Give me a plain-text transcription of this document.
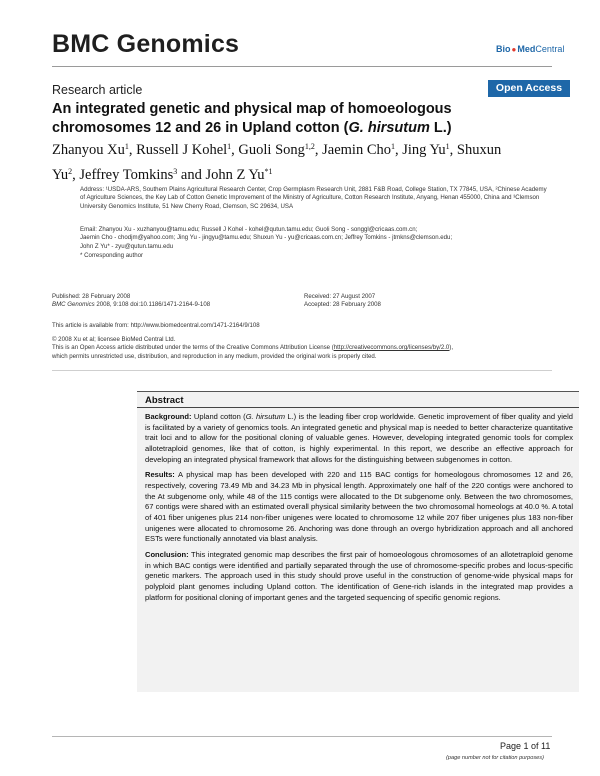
BMC Genomics	Bio●MedCentral
Research article	Open Access
An integrated genetic and physical map of homoeologous chromosomes 12 and 26 in Upland cotton (G. hirsutum L.)
Zhanyou Xu$^1$, Russell J Kohel$^1$, Guoli Song$^{1,2}$, Jaemin Cho$^1$, Jing Yu$^1$, Shuxun Yu$^2$, Jeffrey Tomkins$^3$ and John Z Yu$^{*1}$
Address: ¹USDA-ARS, Southern Plains Agricultural Research Center, Crop Germplasm Research Unit, 2881 F&B Road, College Station, TX 77845, USA, ²Chinese Academy of Agriculture Sciences, the Key Lab of Cotton Genetic Improvement of the Ministry of Agriculture, Cotton Research Institute, Anyang, Henan 455000, China and ³Clemson University Genomics Institute, 51 New Cherry Road, Clemson, SC 29634, USA
Email: Zhanyou Xu - xuzhanyou@tamu.edu; Russell J Kohel - kohel@qutun.tamu.edu; Guoli Song - songgl@cricaas.com.cn;
Jaemin Cho - chodjm@yahoo.com; Jing Yu - jingyu@tamu.edu; Shuxun Yu - yu@cricaas.com.cn; Jeffrey Tomkins - jtmkns@clemson.edu;
John Z Yu* - zyu@qutun.tamu.edu
* Corresponding author
Published: 28 February 2008
BMC Genomics 2008, 9:108 doi:10.1186/1471-2164-9-108
Received: 27 August 2007
Accepted: 28 February 2008
This article is available from: http://www.biomedcentral.com/1471-2164/9/108
© 2008 Xu et al; licensee BioMed Central Ltd.
This is an Open Access article distributed under the terms of the Creative Commons Attribution License (http://creativecommons.org/licenses/by/2.0),
which permits unrestricted use, distribution, and reproduction in any medium, provided the original work is properly cited.
Abstract

Background: Upland cotton (G. hirsutum L.) is the leading fiber crop worldwide. Genetic improvement of fiber quality and yield is facilitated by a variety of genomics tools. An integrated genetic and physical map is needed to better characterize quantitative trait loci and to allow for the positional cloning of valuable genes. However, developing integrated genomic tools for complex allotetraploid genomes, like that of cotton, is highly experimental. In this report, we describe an effective approach for developing an integrated physical framework that allows for the distinguishing between subgenomes in cotton.

Results: A physical map has been developed with 220 and 115 BAC contigs for homeologous chromosomes 12 and 26, respectively, covering 73.49 Mb and 34.23 Mb in physical length. Approximately one half of the 220 contigs were anchored to the At subgenome only, while 48 of the 115 contigs were allocated to the Dt subgenome only. Between the two chromosomes, 67 contigs were shared with an estimated overall physical similarity between the two chromosomal homeologs at 40.0 %. A total of 401 fiber unigenes plus 214 non-fiber unigenes were located to chromosome 12 while 207 fiber unigenes plus 183 non-fiber unigenes were allocated to chromosome 26. Anchoring was done through an overgo hybridization approach and all anchored ESTs were functionally annotated via blast analysis.

Conclusion: This integrated genomic map describes the first pair of homoeologous chromosomes of an allotetraploid genome in which BAC contigs were identified and partially separated through the use of chromosome-specific probes and locus-specific genetic markers. The approach used in this study should prove useful in the construction of genome-wide physical maps for polyploid plant genomes including Upland cotton. The identification of Gene-rich islands in the integrated map provides a platform for positional cloning of important genes and the targeted sequencing of specific genomic regions.

Page 1 of 11
(page number not for citation purposes)
